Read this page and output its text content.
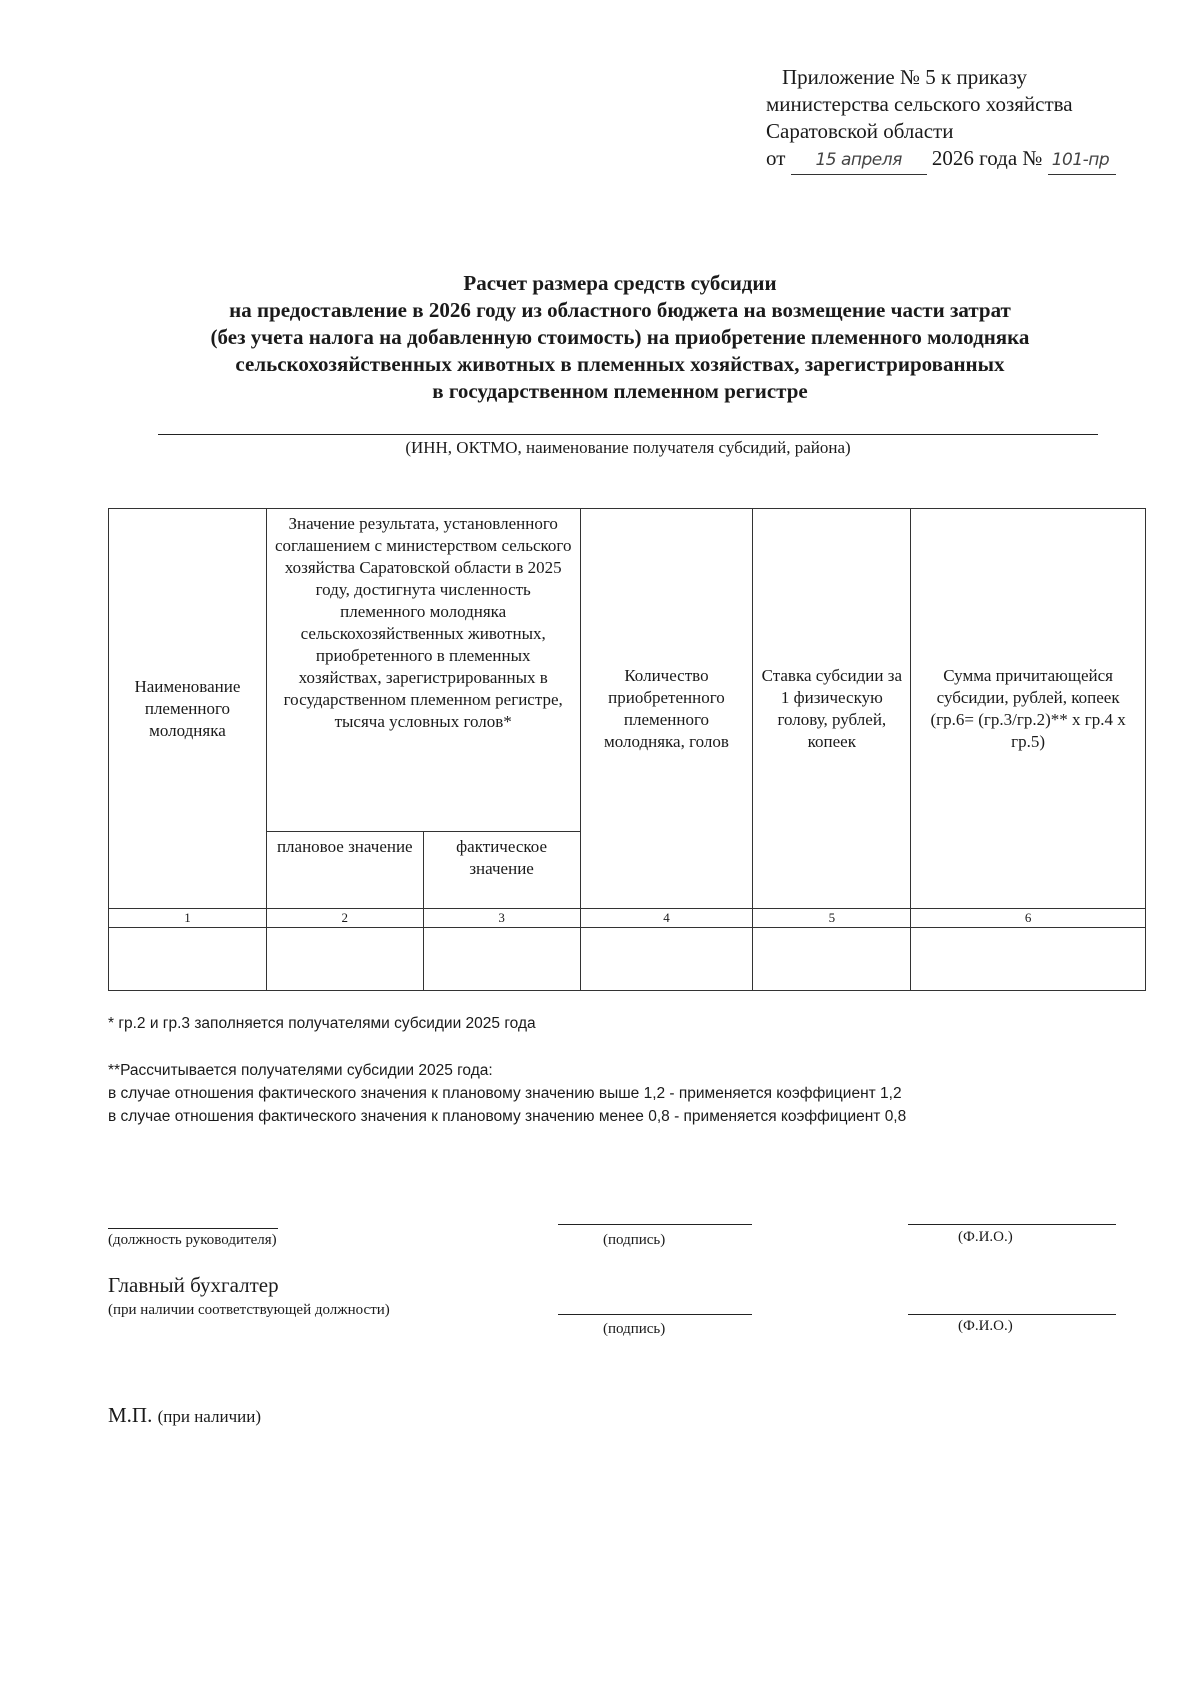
Приложение № 5 к приказу
министерства сельского хозяйства
Саратовской области
от 15 апреля 2026 года № 101-пр
Расчет размера средств субсидии
на предоставление в 2026 году из областного бюджета на возмещение части затрат
(без учета налога на добавленную стоимость) на приобретение племенного молодняка
сельскохозяйственных животных в племенных хозяйствах, зарегистрированных
в государственном племенном регистре
(ИНН, ОКТМО, наименование получателя субсидий, района)
Наименование племенного молодняка	Значение результата, установленного соглашением с министерством сельского хозяйства Саратовской области в 2025 году, достигнута численность племенного молодняка сельскохозяйственных животных, приобретенного в племенных хозяйствах, зарегистрированных в государственном племенном регистре, тысяча условных голов*		Количество приобретенного племенного молодняка, голов	Ставка субсидии за 1 физическую голову, рублей, копеек	Сумма причитающейся субсидии, рублей, копеек (гр.6= (гр.3/гр.2)** x гр.4 x гр.5)
	плановое значение	фактическое значение			
1	2	3	4	5	6

* гр.2 и гр.3 заполняется получателями субсидии 2025 года

**Рассчитывается получателями субсидии 2025 года:

в случае отношения фактического значения к плановому значению выше 1,2 - применяется коэффициент 1,2

в случае отношения фактического значения к плановому значению менее 0,8 - применяется коэффициент 0,8

(должность руководителя)	(подпись)	(Ф.И.О.)
Главный бухгалтер
(при наличии соответствующей должности)
(подпись)	(Ф.И.О.)
М.П. (при наличии)
